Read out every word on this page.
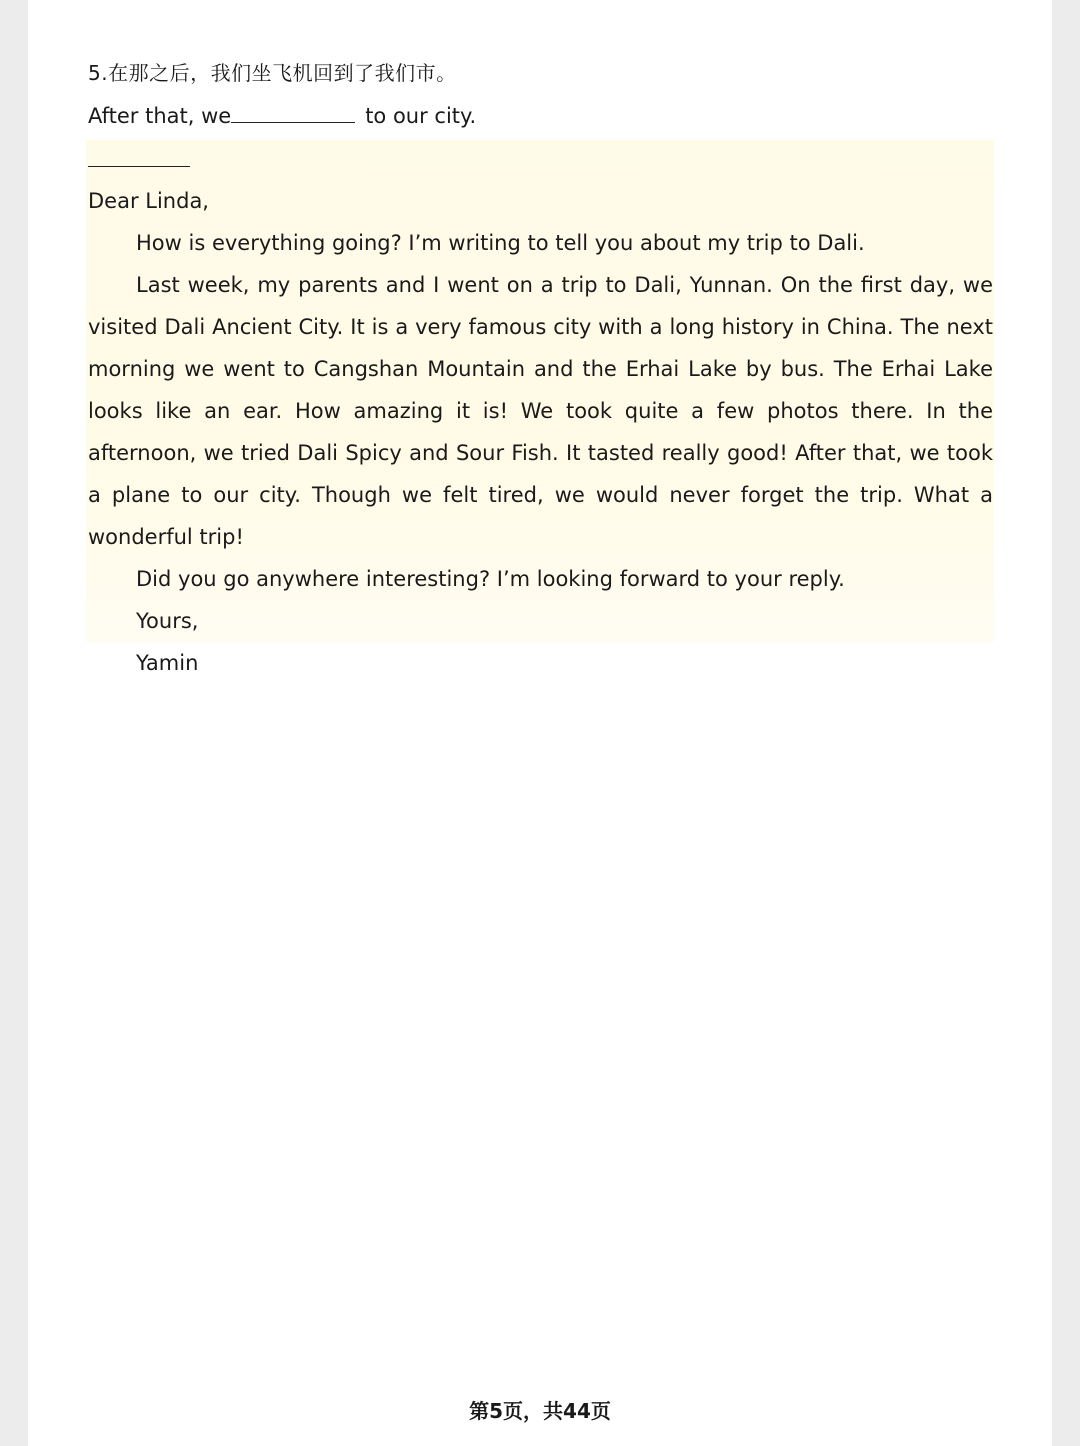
5.在那之后，我们坐飞机回到了我们市。
After that, we	to our city.

Dear Linda,

How is everything going? I’m writing to tell you about my trip to Dali.

Last week, my parents and I went on a trip to Dali, Yunnan. On the first day, we visited Dali Ancient City. It is a very famous city with a long history in China. The next morning we went to Cangshan Mountain and the Erhai Lake by bus. The Erhai Lake looks like an ear. How amazing it is! We took quite a few photos there. In the afternoon, we tried Dali Spicy and Sour Fish. It tasted really good! After that, we took a plane to our city. Though we felt tired, we would never forget the trip. What a wonderful trip!

Did you go anywhere interesting? I’m looking forward to your reply.

Yours,

Yamin

第5页，共44页
